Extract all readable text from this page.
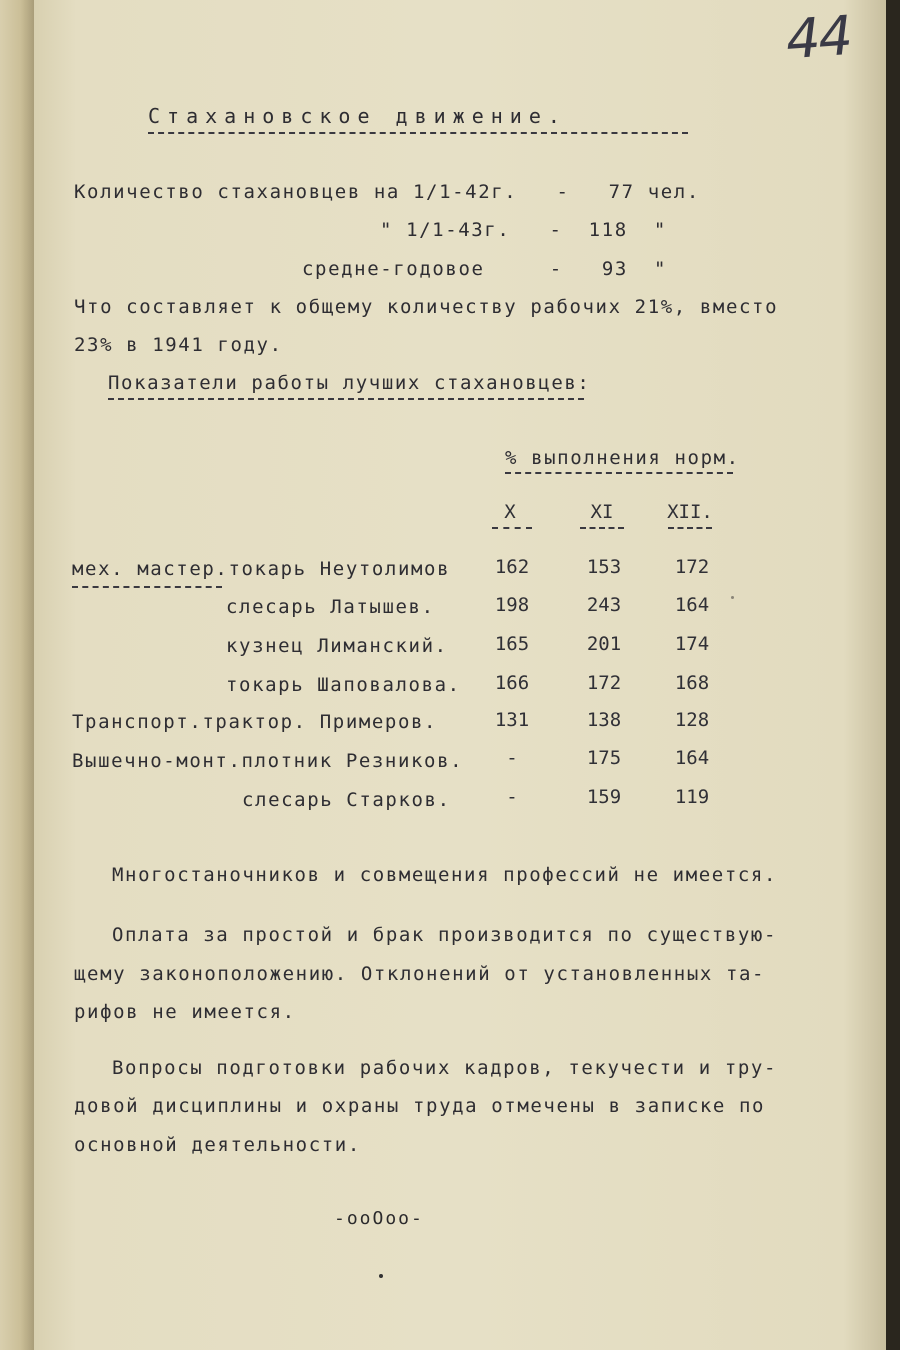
44
Стахановское движение.
Количество стахановцев на 1/1-42г.   -   77 чел.
" 1/1-43г.   -  118  "
средне-годовое     -   93  "
Что составляет к общему количеству рабочих 21%, вместо
23% в 1941 году.
Показатели работы лучших стахановцев:
% выполнения норм.
X	XI	XII.
мех. мастер.токарь Неутолимов	162	153	172
слесарь Латышев.	198	243	164
кузнец Лиманский.	165	201	174
токарь Шаповалова.	166	172	168
Транспорт.трактор. Примеров.	131	138	128
Вышечно-монт.плотник Резников.	-	175	164
слесарь Старков.	-	159	119
Многостаночников и совмещения профессий не имеется.
Оплата за простой и брак производится по существую-
щему законоположению. Отклонений от установленных та-
рифов не имеется.
Вопросы подготовки рабочих кадров, текучести и тру-
довой дисциплины и охраны труда отмечены в записке по
основной деятельности.
-ooOoo-
